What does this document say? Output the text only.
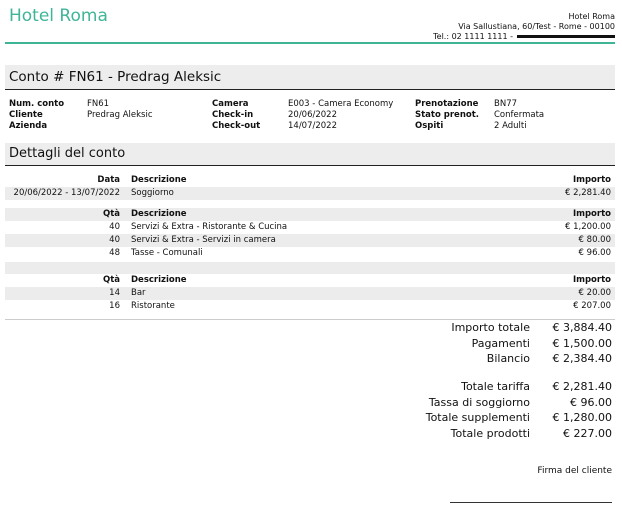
Hotel Roma	Hotel Roma
Via Sallustiana, 60/Test - Rome - 00100
Tel.: 02 1111 1111 -
Conto # FN61 - Predrag Aleksic
Num. conto	FN61
Cliente	Predrag Aleksic
Azienda
Camera	E003 - Camera Economy
Check-in	20/06/2022
Check-out	14/07/2022
Prenotazione BN77
Stato prenot. Confermata
Ospiti	2 Adulti
Dettagli del conto
Data Descrizione	Importo
20/06/2022 - 13/07/2022 Soggiorno	€ 2,281.40
Qtà Descrizione	Importo
40 Servizi & Extra - Ristorante & Cucina	€ 1,200.00
40 Servizi & Extra - Servizi in camera	€ 80.00
48 Tasse - Comunali	€ 96.00
Qtà Descrizione	Importo
14 Bar	€ 20.00
16 Ristorante	€ 207.00
Importo totale € 3,884.40
Pagamenti € 1,500.00
Bilancio € 2,384.40
Totale tariffa € 2,281.40
Tassa di soggiorno	€ 96.00
Totale supplementi € 1,280.00
Totale prodotti	€ 227.00
Firma del cliente
